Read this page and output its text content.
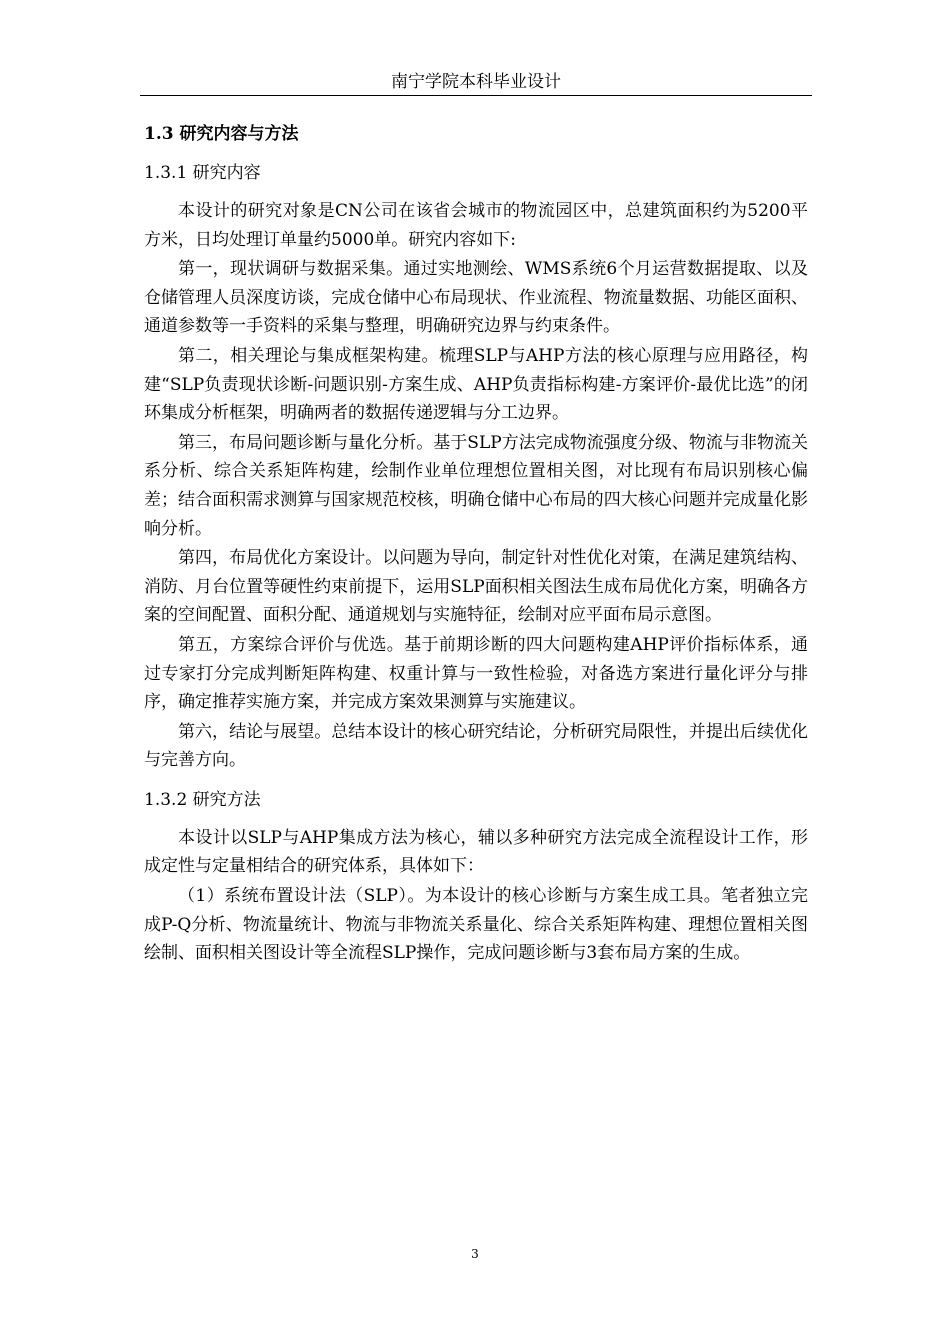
南宁学院本科毕业设计
1.3 研究内容与方法
1.3.1 研究内容

本设计的研究对象是CN公司在该省会城市的物流园区中，总建筑面积约为5200平方米，日均处理订单量约5000单。研究内容如下:

第一，现状调研与数据采集。通过实地测绘、WMS系统6个月运营数据提取、以及仓储管理人员深度访谈，完成仓储中心布局现状、作业流程、物流量数据、功能区面积、通道参数等一手资料的采集与整理，明确研究边界与约束条件。

第二，相关理论与集成框架构建。梳理SLP与AHP方法的核心原理与应用路径，构建“SLP负责现状诊断-问题识别-方案生成、AHP负责指标构建-方案评价-最优比选”的闭环集成分析框架，明确两者的数据传递逻辑与分工边界。

第三，布局问题诊断与量化分析。基于SLP方法完成物流强度分级、物流与非物流关系分析、综合关系矩阵构建，绘制作业单位理想位置相关图，对比现有布局识别核心偏差；结合面积需求测算与国家规范校核，明确仓储中心布局的四大核心问题并完成量化影响分析。

第四，布局优化方案设计。以问题为导向，制定针对性优化对策，在满足建筑结构、消防、月台位置等硬性约束前提下，运用SLP面积相关图法生成布局优化方案，明确各方案的空间配置、面积分配、通道规划与实施特征，绘制对应平面布局示意图。

第五，方案综合评价与优选。基于前期诊断的四大问题构建AHP评价指标体系，通过专家打分完成判断矩阵构建、权重计算与一致性检验，对备选方案进行量化评分与排序，确定推荐实施方案，并完成方案效果测算与实施建议。

第六，结论与展望。总结本设计的核心研究结论，分析研究局限性，并提出后续优化与完善方向。

1.3.2 研究方法

本设计以SLP与AHP集成方法为核心，辅以多种研究方法完成全流程设计工作，形成定性与定量相结合的研究体系，具体如下：

（1）系统布置设计法（SLP）。为本设计的核心诊断与方案生成工具。笔者独立完成P-Q分析、物流量统计、物流与非物流关系量化、综合关系矩阵构建、理想位置相关图绘制、面积相关图设计等全流程SLP操作，完成问题诊断与3套布局方案的生成。

3
